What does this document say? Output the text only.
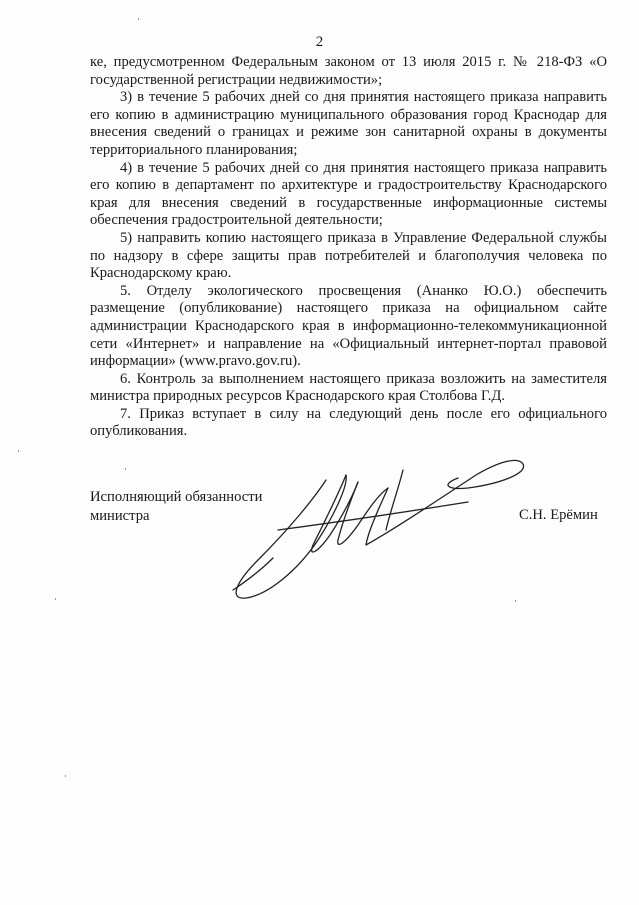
2

ке, предусмотренном Федеральным законом от 13 июля 2015 г. № 218-ФЗ «О государственной регистрации недвижимости»;

3) в течение 5 рабочих дней со дня принятия настоящего приказа направить его копию в администрацию муниципального образования город Краснодар для внесения сведений о границах и режиме зон санитарной охраны в документы территориального планирования;

4) в течение 5 рабочих дней со дня принятия настоящего приказа направить его копию в департамент по архитектуре и градостроительству Краснодарского края для внесения сведений в государственные информационные системы обеспечения градостроительной деятельности;

5) направить копию настоящего приказа в Управление Федеральной службы по надзору в сфере защиты прав потребителей и благополучия человека по Краснодарскому краю.

5. Отделу экологического просвещения (Ананко Ю.О.) обеспечить размещение (опубликование) настоящего приказа на официальном сайте администрации Краснодарского края в информационно-телекоммуникационной сети «Интернет» и направление на «Официальный интернет-портал правовой информации» (www.pravo.gov.ru).

6. Контроль за выполнением настоящего приказа возложить на заместителя министра природных ресурсов Краснодарского края Столбова Г.Д.

7. Приказ вступает в силу на следующий день после его официального опубликования.

Исполняющий обязанности
министра	С.Н. Ерёмин
